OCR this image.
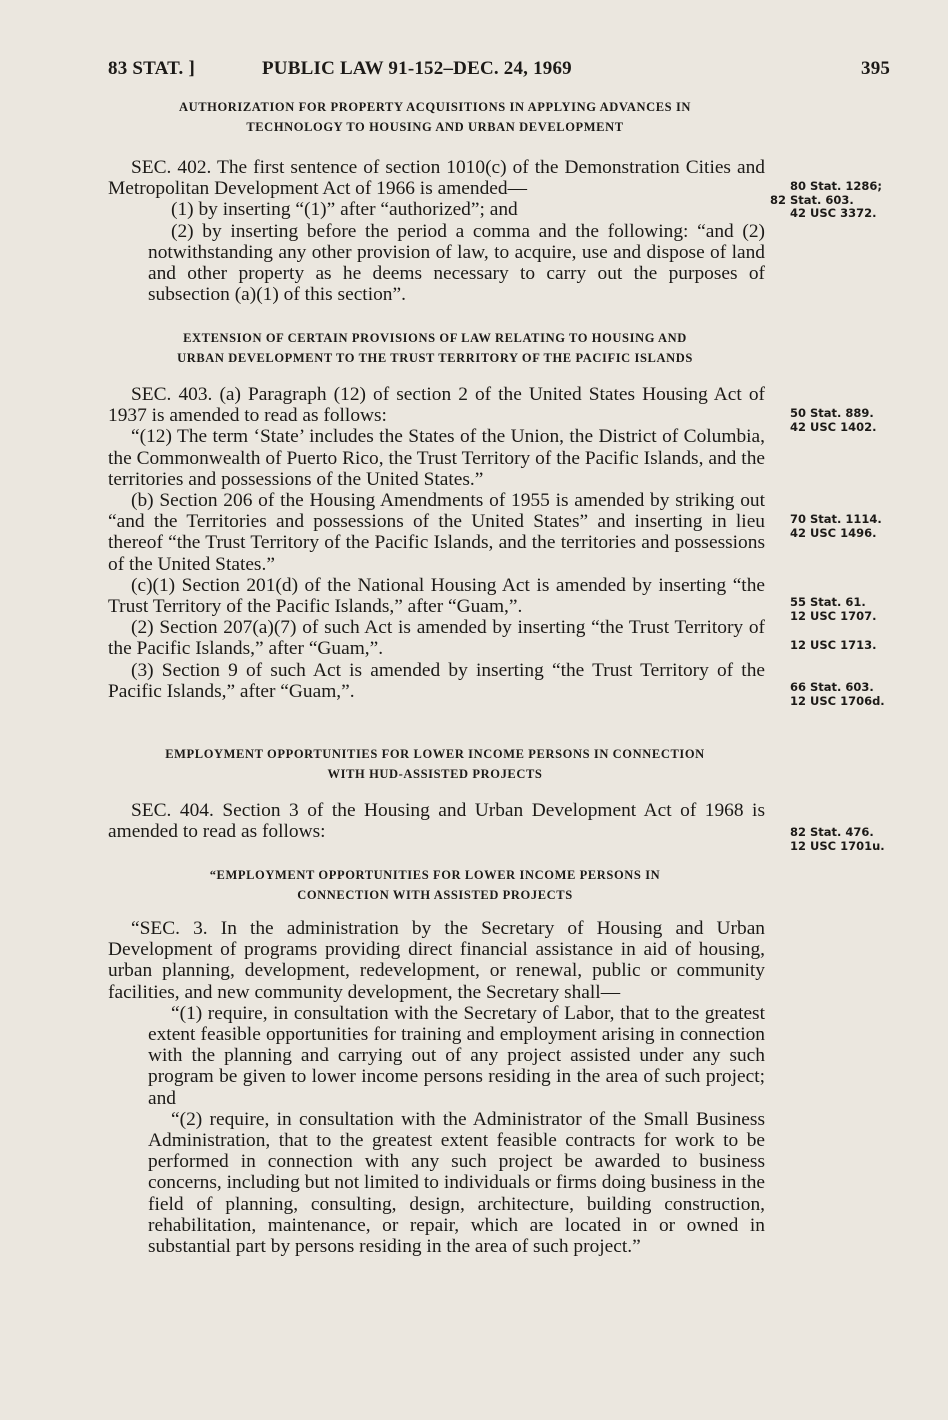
83 STAT. ]	PUBLIC LAW 91-152–DEC. 24, 1969	395
AUTHORIZATION FOR PROPERTY ACQUISITIONS IN APPLYING ADVANCES IN
TECHNOLOGY TO HOUSING AND URBAN DEVELOPMENT

SEC. 402. The first sentence of section 1010(c) of the Demonstration Cities and Metropolitan Development Act of 1966 is amended—

(1) by inserting “(1)” after “authorized”; and

(2) by inserting before the period a comma and the following: “and (2) notwithstanding any other provision of law, to acquire, use and dispose of land and other property as he deems necessary to carry out the purposes of subsection (a)(1) of this section”.

EXTENSION OF CERTAIN PROVISIONS OF LAW RELATING TO HOUSING AND
URBAN DEVELOPMENT TO THE TRUST TERRITORY OF THE PACIFIC ISLANDS

SEC. 403. (a) Paragraph (12) of section 2 of the United States Housing Act of 1937 is amended to read as follows:

“(12) The term ‘State’ includes the States of the Union, the District of Columbia, the Commonwealth of Puerto Rico, the Trust Territory of the Pacific Islands, and the territories and possessions of the United States.”

(b) Section 206 of the Housing Amendments of 1955 is amended by striking out “and the Territories and possessions of the United States” and inserting in lieu thereof “the Trust Territory of the Pacific Islands, and the territories and possessions of the United States.”

(c)(1) Section 201(d) of the National Housing Act is amended by inserting “the Trust Territory of the Pacific Islands,” after “Guam,”.

(2) Section 207(a)(7) of such Act is amended by inserting “the Trust Territory of the Pacific Islands,” after “Guam,”.

(3) Section 9 of such Act is amended by inserting “the Trust Territory of the Pacific Islands,” after “Guam,”.

EMPLOYMENT OPPORTUNITIES FOR LOWER INCOME PERSONS IN CONNECTION
WITH HUD-ASSISTED PROJECTS

SEC. 404. Section 3 of the Housing and Urban Development Act of 1968 is amended to read as follows:

“EMPLOYMENT OPPORTUNITIES FOR LOWER INCOME PERSONS IN
CONNECTION WITH ASSISTED PROJECTS

“SEC. 3. In the administration by the Secretary of Housing and Urban Development of programs providing direct financial assistance in aid of housing, urban planning, development, redevelopment, or renewal, public or community facilities, and new community development, the Secretary shall—

“(1) require, in consultation with the Secretary of Labor, that to the greatest extent feasible opportunities for training and employment arising in connection with the planning and carrying out of any project assisted under any such program be given to lower income persons residing in the area of such project; and

“(2) require, in consultation with the Administrator of the Small Business Administration, that to the greatest extent feasible contracts for work to be performed in connection with any such project be awarded to business concerns, including but not limited to individuals or firms doing business in the field of planning, consulting, design, architecture, building construction, rehabilitation, maintenance, or repair, which are located in or owned in substantial part by persons residing in the area of such project.”

80 Stat. 1286;
82 Stat. 603.
42 USC 3372.
50 Stat. 889.
42 USC 1402.
70 Stat. 1114.
42 USC 1496.
55 Stat. 61.
12 USC 1707.
12 USC 1713.
66 Stat. 603.
12 USC 1706d.
82 Stat. 476.
12 USC 1701u.
